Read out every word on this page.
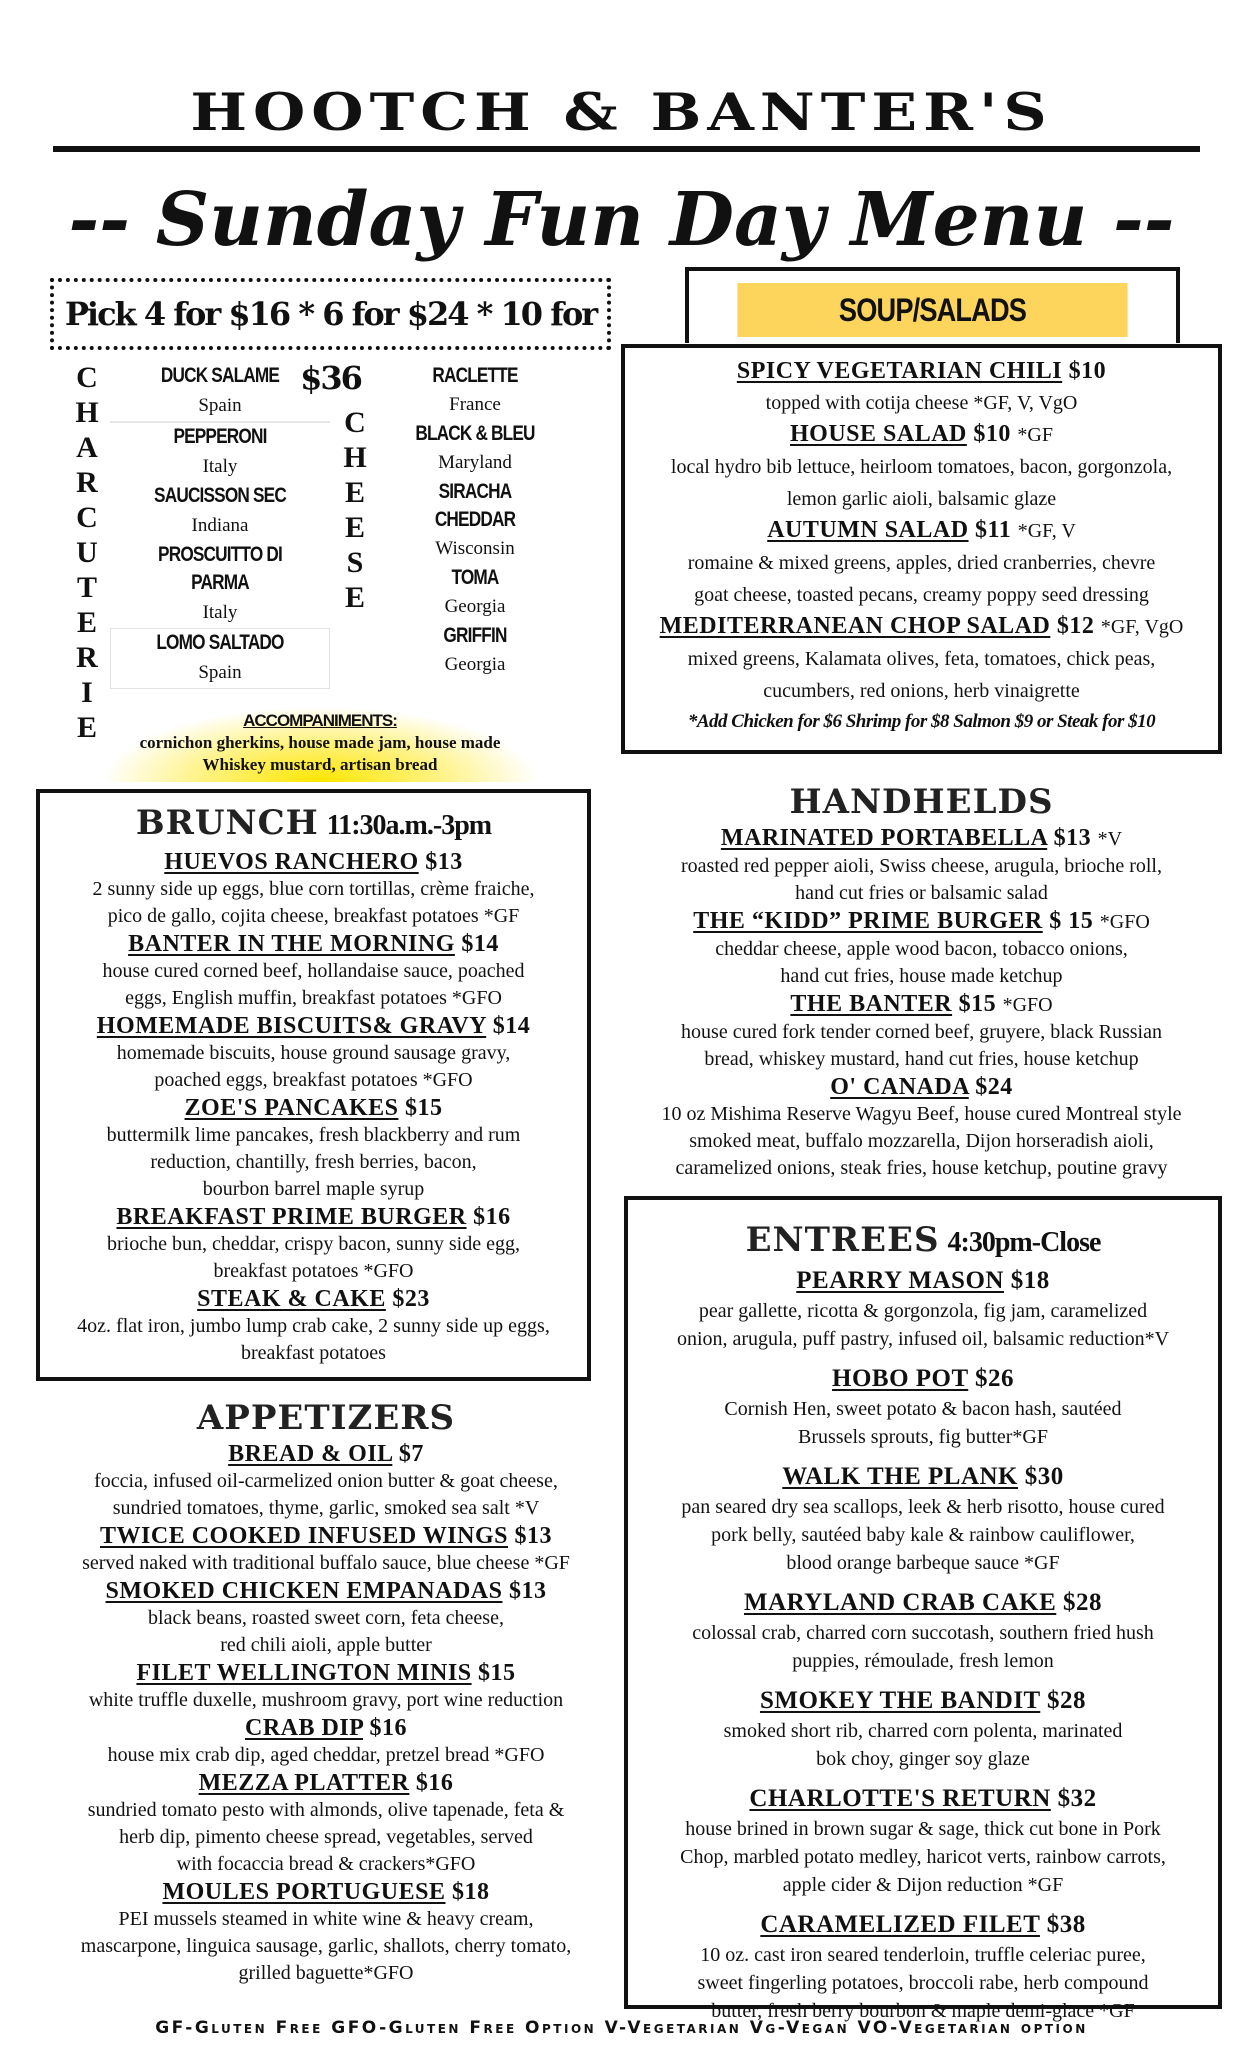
HOOTCH & BANTER'S
-- Sunday Fun Day Menu --
Pick 4 for $16 * 6 for $24 * 10 for $36
C
H
A
R
C
U
T
E
R
I
E
C
H
E
E
S
E
DUCK SALAME
Spain
PEPPERONI
Italy
SAUCISSON SEC
Indiana
PROSCUITTO DI PARMA
Italy
LOMO SALTADO
Spain
RACLETTE
France
BLACK & BLEU
Maryland
SIRACHA CHEDDAR
Wisconsin
TOMA
Georgia
GRIFFIN
Georgia
ACCOMPANIMENTS:
cornichon gherkins, house made jam, house made
Whiskey mustard, artisan bread
SOUP/SALADS
SPICY VEGETARIAN CHILI $10
topped with cotija cheese *GF, V, VgO
HOUSE SALAD $10 *GF
local hydro bib lettuce, heirloom tomatoes, bacon, gorgonzola,
lemon garlic aioli, balsamic glaze
AUTUMN SALAD $11 *GF, V
romaine & mixed greens, apples, dried cranberries, chevre
goat cheese, toasted pecans, creamy poppy seed dressing
MEDITERRANEAN CHOP SALAD $12 *GF, VgO
mixed greens, Kalamata olives, feta, tomatoes, chick peas,
cucumbers, red onions, herb vinaigrette
*Add Chicken for $6 Shrimp for $8 Salmon $9 or Steak for $10
BRUNCH 11:30a.m.-3pm
HUEVOS RANCHERO $13
2 sunny side up eggs, blue corn tortillas, crème fraiche,
pico de gallo, cojita cheese, breakfast potatoes *GF
BANTER IN THE MORNING $14
house cured corned beef, hollandaise sauce, poached
eggs, English muffin, breakfast potatoes *GFO
HOMEMADE BISCUITS& GRAVY $14
homemade biscuits, house ground sausage gravy,
poached eggs, breakfast potatoes *GFO
ZOE'S PANCAKES $15
buttermilk lime pancakes, fresh blackberry and rum
reduction, chantilly, fresh berries, bacon,
bourbon barrel maple syrup
BREAKFAST PRIME BURGER $16
brioche bun, cheddar, crispy bacon, sunny side egg,
breakfast potatoes *GFO
STEAK & CAKE $23
4oz. flat iron, jumbo lump crab cake, 2 sunny side up eggs,
breakfast potatoes
APPETIZERS
BREAD & OIL $7
foccia, infused oil-carmelized onion butter & goat cheese,
sundried tomatoes, thyme, garlic, smoked sea salt *V
TWICE COOKED INFUSED WINGS $13
served naked with traditional buffalo sauce, blue cheese *GF
SMOKED CHICKEN EMPANADAS $13
black beans, roasted sweet corn, feta cheese,
red chili aioli, apple butter
FILET WELLINGTON MINIS $15
white truffle duxelle, mushroom gravy, port wine reduction
CRAB DIP $16
house mix crab dip, aged cheddar, pretzel bread *GFO
MEZZA PLATTER $16
sundried tomato pesto with almonds, olive tapenade, feta &
herb dip, pimento cheese spread, vegetables, served
with focaccia bread & crackers*GFO
MOULES PORTUGUESE $18
PEI mussels steamed in white wine & heavy cream,
mascarpone, linguica sausage, garlic, shallots, cherry tomato,
grilled baguette*GFO
HANDHELDS
MARINATED PORTABELLA $13 *V
roasted red pepper aioli, Swiss cheese, arugula, brioche roll,
hand cut fries or balsamic salad
THE “KIDD” PRIME BURGER $ 15 *GFO
cheddar cheese, apple wood bacon, tobacco onions,
hand cut fries, house made ketchup
THE BANTER $15 *GFO
house cured fork tender corned beef, gruyere, black Russian
bread, whiskey mustard, hand cut fries, house ketchup
O' CANADA $24
10 oz Mishima Reserve Wagyu Beef, house cured Montreal style
smoked meat, buffalo mozzarella, Dijon horseradish aioli,
caramelized onions, steak fries, house ketchup, poutine gravy
ENTREES 4:30pm-Close
PEARRY MASON $18
pear gallette, ricotta & gorgonzola, fig jam, caramelized
onion, arugula, puff pastry, infused oil, balsamic reduction*V
HOBO POT $26
Cornish Hen, sweet potato & bacon hash, sautéed
Brussels sprouts, fig butter*GF
WALK THE PLANK $30
pan seared dry sea scallops, leek & herb risotto, house cured
pork belly, sautéed baby kale & rainbow cauliflower,
blood orange barbeque sauce *GF
MARYLAND CRAB CAKE $28
colossal crab, charred corn succotash, southern fried hush
puppies, rémoulade, fresh lemon
SMOKEY THE BANDIT $28
smoked short rib, charred corn polenta, marinated
bok choy, ginger soy glaze
CHARLOTTE'S RETURN $32
house brined in brown sugar & sage, thick cut bone in Pork
Chop, marbled potato medley, haricot verts, rainbow carrots,
apple cider & Dijon reduction *GF
CARAMELIZED FILET $38
10 oz. cast iron seared tenderloin, truffle celeriac puree,
sweet fingerling potatoes, broccoli rabe, herb compound
butter, fresh berry bourbon & maple demi-glace *GF
GF-Gluten Free GFO-Gluten Free Option V-Vegetarian Vg-Vegan VO-Vegetarian option
